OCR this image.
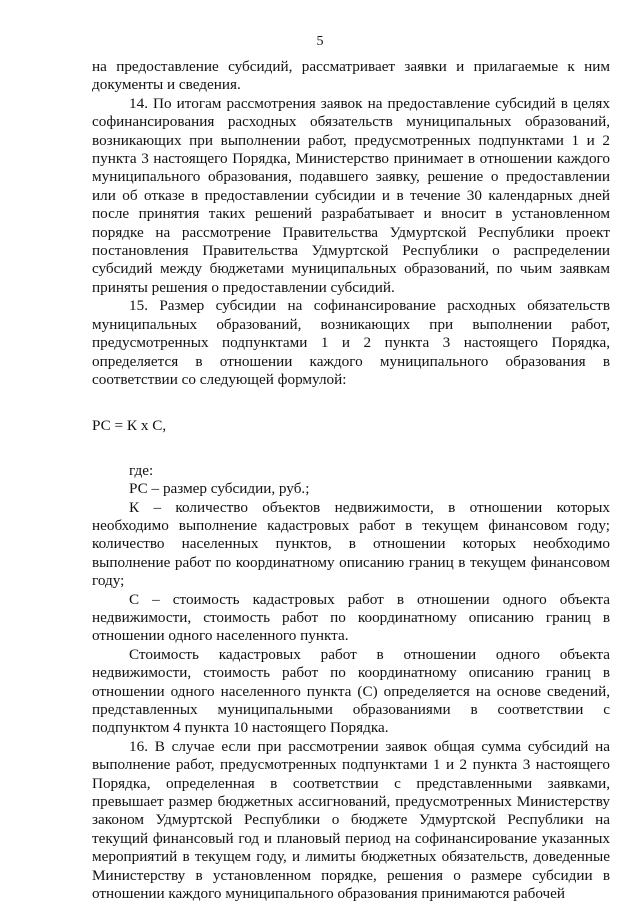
5

на предоставление субсидий, рассматривает заявки и прилагаемые к ним документы и сведения.

14. По итогам рассмотрения заявок на предоставление субсидий в целях софинансирования расходных обязательств муниципальных образований, возникающих при выполнении работ, предусмотренных подпунктами 1 и 2 пункта 3 настоящего Порядка, Министерство принимает в отношении каждого муниципального образования, подавшего заявку, решение о предоставлении или об отказе в предоставлении субсидии и в течение 30 календарных дней после принятия таких решений разрабатывает и вносит в установленном порядке на рассмотрение Правительства Удмуртской Республики проект постановления Правительства Удмуртской Республики о распределении субсидий между бюджетами муниципальных образований, по чьим заявкам приняты решения о предоставлении субсидий.

15. Размер субсидии на софинансирование расходных обязательств муниципальных образований, возникающих при выполнении работ, предусмотренных подпунктами 1 и 2 пункта 3 настоящего Порядка, определяется в отношении каждого муниципального образования в соответствии со следующей формулой:

РС = К х С,

где:

РС – размер субсидии, руб.;

К – количество объектов недвижимости, в отношении которых необходимо выполнение кадастровых работ в текущем финансовом году; количество населенных пунктов, в отношении которых необходимо выполнение работ по координатному описанию границ в текущем финансовом году;

С – стоимость кадастровых работ в отношении одного объекта недвижимости, стоимость работ по координатному описанию границ в отношении одного населенного пункта.

Стоимость кадастровых работ в отношении одного объекта недвижимости, стоимость работ по координатному описанию границ в отношении одного населенного пункта (С) определяется на основе сведений, представленных муниципальными образованиями в соответствии с подпунктом 4 пункта 10 настоящего Порядка.

16. В случае если при рассмотрении заявок общая сумма субсидий на выполнение работ, предусмотренных подпунктами 1 и 2 пункта 3 настоящего Порядка, определенная в соответствии с представленными заявками, превышает размер бюджетных ассигнований, предусмотренных Министерству законом Удмуртской Республики о бюджете Удмуртской Республики на текущий финансовый год и плановый период на софинансирование указанных мероприятий в текущем году, и лимиты бюджетных обязательств, доведенные Министерству в установленном порядке, решения о размере субсидии в отношении каждого муниципального образования принимаются рабочей
